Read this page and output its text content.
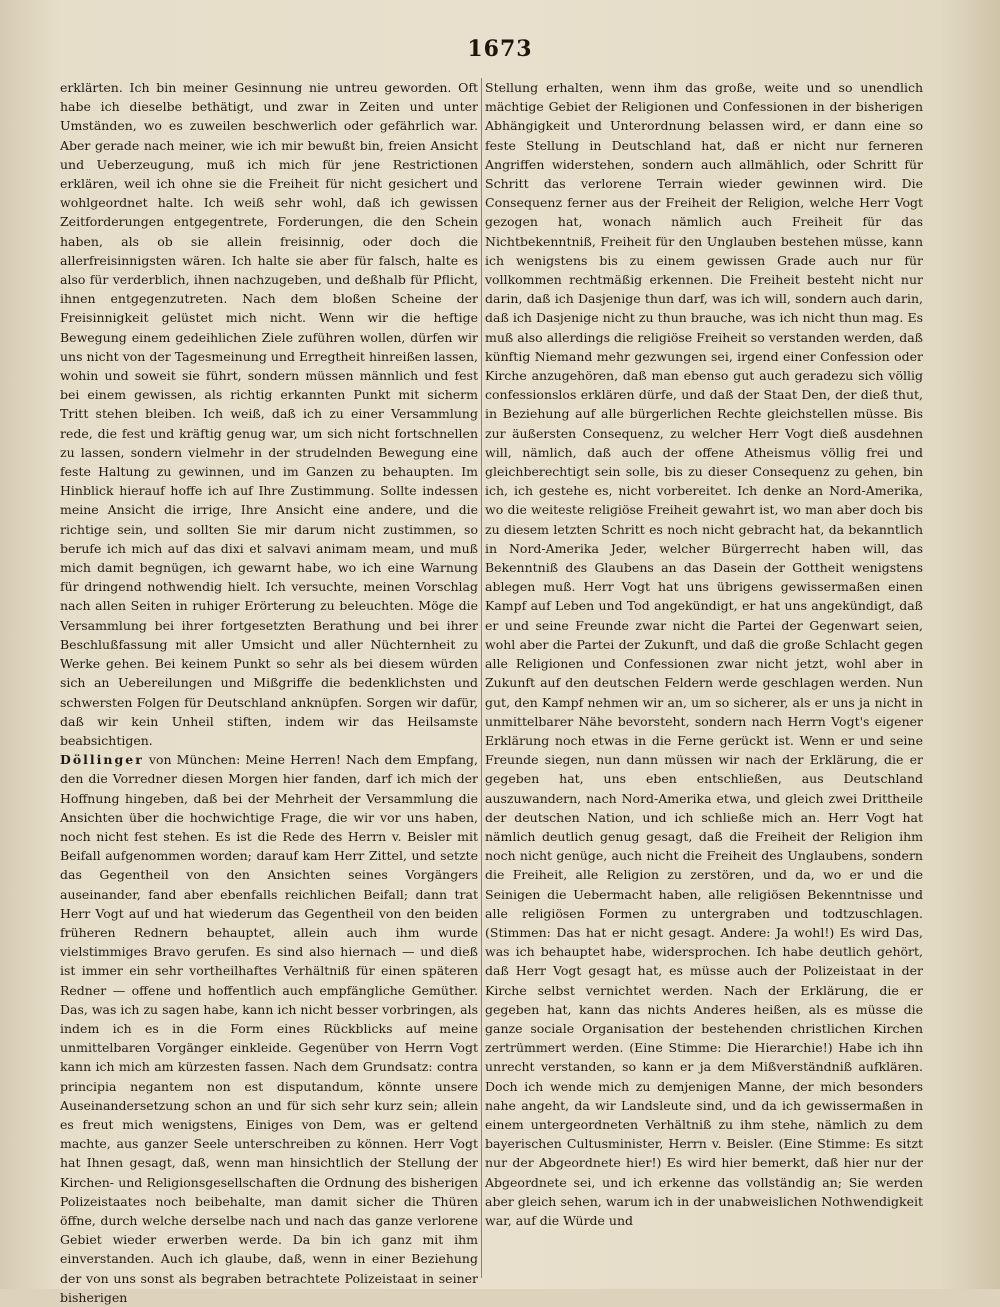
1673

erklärten. Ich bin meiner Gesinnung nie untreu geworden. Oft habe ich dieselbe bethätigt, und zwar in Zeiten und unter Umständen, wo es zuweilen beschwerlich oder gefährlich war. Aber gerade nach meiner, wie ich mir bewußt bin, freien Ansicht und Ueberzeugung, muß ich mich für jene Restrictionen erklären, weil ich ohne sie die Freiheit für nicht gesichert und wohlgeordnet halte. Ich weiß sehr wohl, daß ich gewissen Zeitforderungen entgegentrete, Forderungen, die den Schein haben, als ob sie allein freisinnig, oder doch die allerfreisinnigsten wären. Ich halte sie aber für falsch, halte es also für verderblich, ihnen nachzugeben, und deßhalb für Pflicht, ihnen entgegenzutreten. Nach dem bloßen Scheine der Freisinnigkeit gelüstet mich nicht. Wenn wir die heftige Bewegung einem gedeihlichen Ziele zuführen wollen, dürfen wir uns nicht von der Tagesmeinung und Erregtheit hinreißen lassen, wohin und soweit sie führt, sondern müssen männlich und fest bei einem gewissen, als richtig erkannten Punkt mit sicherm Tritt stehen bleiben. Ich weiß, daß ich zu einer Versammlung rede, die fest und kräftig genug war, um sich nicht fortschnellen zu lassen, sondern vielmehr in der strudelnden Bewegung eine feste Haltung zu gewinnen, und im Ganzen zu behaupten. Im Hinblick hierauf hoffe ich auf Ihre Zustimmung. Sollte indessen meine Ansicht die irrige, Ihre Ansicht eine andere, und die richtige sein, und sollten Sie mir darum nicht zustimmen, so berufe ich mich auf das dixi et salvavi animam meam, und muß mich damit begnügen, ich gewarnt habe, wo ich eine Warnung für dringend nothwendig hielt. Ich versuchte, meinen Vorschlag nach allen Seiten in ruhiger Erörterung zu beleuchten. Möge die Versammlung bei ihrer fortgesetzten Berathung und bei ihrer Beschlußfassung mit aller Umsicht und aller Nüchternheit zu Werke gehen. Bei keinem Punkt so sehr als bei diesem würden sich an Uebereilungen und Mißgriffe die bedenklichsten und schwersten Folgen für Deutschland anknüpfen. Sorgen wir dafür, daß wir kein Unheil stiften, indem wir das Heilsamste beabsichtigen.

Döllinger von München: Meine Herren! Nach dem Empfang, den die Vorredner diesen Morgen hier fanden, darf ich mich der Hoffnung hingeben, daß bei der Mehrheit der Versammlung die Ansichten über die hochwichtige Frage, die wir vor uns haben, noch nicht fest stehen. Es ist die Rede des Herrn v. Beisler mit Beifall aufgenommen worden; darauf kam Herr Zittel, und setzte das Gegentheil von den Ansichten seines Vorgängers auseinander, fand aber ebenfalls reichlichen Beifall; dann trat Herr Vogt auf und hat wiederum das Gegentheil von den beiden früheren Rednern behauptet, allein auch ihm wurde vielstimmiges Bravo gerufen. Es sind also hiernach — und dieß ist immer ein sehr vortheilhaftes Verhältniß für einen späteren Redner — offene und hoffentlich auch empfängliche Gemüther. Das, was ich zu sagen habe, kann ich nicht besser vorbringen, als indem ich es in die Form eines Rückblicks auf meine unmittelbaren Vorgänger einkleide. Gegenüber von Herrn Vogt kann ich mich am kürzesten fassen. Nach dem Grundsatz: contra principia negantem non est disputandum, könnte unsere Auseinandersetzung schon an und für sich sehr kurz sein; allein es freut mich wenigstens, Einiges von Dem, was er geltend machte, aus ganzer Seele unterschreiben zu können. Herr Vogt hat Ihnen gesagt, daß, wenn man hinsichtlich der Stellung der Kirchen- und Religionsgesellschaften die Ordnung des bisherigen Polizeistaates noch beibehalte, man damit sicher die Thüren öffne, durch welche derselbe nach und nach das ganze verlorene Gebiet wieder erwerben werde. Da bin ich ganz mit ihm einverstanden. Auch ich glaube, daß, wenn in einer Beziehung der von uns sonst als begraben betrachtete Polizeistaat in seiner bisherigen

Stellung erhalten, wenn ihm das große, weite und so unendlich mächtige Gebiet der Religionen und Confessionen in der bisherigen Abhängigkeit und Unterordnung belassen wird, er dann eine so feste Stellung in Deutschland hat, daß er nicht nur ferneren Angriffen widerstehen, sondern auch allmählich, oder Schritt für Schritt das verlorene Terrain wieder gewinnen wird. Die Consequenz ferner aus der Freiheit der Religion, welche Herr Vogt gezogen hat, wonach nämlich auch Freiheit für das Nichtbekenntniß, Freiheit für den Unglauben bestehen müsse, kann ich wenigstens bis zu einem gewissen Grade auch nur für vollkommen rechtmäßig erkennen. Die Freiheit besteht nicht nur darin, daß ich Dasjenige thun darf, was ich will, sondern auch darin, daß ich Dasjenige nicht zu thun brauche, was ich nicht thun mag. Es muß also allerdings die religiöse Freiheit so verstanden werden, daß künftig Niemand mehr gezwungen sei, irgend einer Confession oder Kirche anzugehören, daß man ebenso gut auch geradezu sich völlig confessionslos erklären dürfe, und daß der Staat Den, der dieß thut, in Beziehung auf alle bürgerlichen Rechte gleichstellen müsse. Bis zur äußersten Consequenz, zu welcher Herr Vogt dieß ausdehnen will, nämlich, daß auch der offene Atheismus völlig frei und gleichberechtigt sein solle, bis zu dieser Consequenz zu gehen, bin ich, ich gestehe es, nicht vorbereitet. Ich denke an Nord-Amerika, wo die weiteste religiöse Freiheit gewahrt ist, wo man aber doch bis zu diesem letzten Schritt es noch nicht gebracht hat, da bekanntlich in Nord-Amerika Jeder, welcher Bürgerrecht haben will, das Bekenntniß des Glaubens an das Dasein der Gottheit wenigstens ablegen muß. Herr Vogt hat uns übrigens gewissermaßen einen Kampf auf Leben und Tod angekündigt, er hat uns angekündigt, daß er und seine Freunde zwar nicht die Partei der Gegenwart seien, wohl aber die Partei der Zukunft, und daß die große Schlacht gegen alle Religionen und Confessionen zwar nicht jetzt, wohl aber in Zukunft auf den deutschen Feldern werde geschlagen werden. Nun gut, den Kampf nehmen wir an, um so sicherer, als er uns ja nicht in unmittelbarer Nähe bevorsteht, sondern nach Herrn Vogt's eigener Erklärung noch etwas in die Ferne gerückt ist. Wenn er und seine Freunde siegen, nun dann müssen wir nach der Erklärung, die er gegeben hat, uns eben entschließen, aus Deutschland auszuwandern, nach Nord-Amerika etwa, und gleich zwei Drittheile der deutschen Nation, und ich schließe mich an. Herr Vogt hat nämlich deutlich genug gesagt, daß die Freiheit der Religion ihm noch nicht genüge, auch nicht die Freiheit des Unglaubens, sondern die Freiheit, alle Religion zu zerstören, und da, wo er und die Seinigen die Uebermacht haben, alle religiösen Bekenntnisse und alle religiösen Formen zu untergraben und todtzuschlagen. (Stimmen: Das hat er nicht gesagt. Andere: Ja wohl!) Es wird Das, was ich behauptet habe, widersprochen. Ich habe deutlich gehört, daß Herr Vogt gesagt hat, es müsse auch der Polizeistaat in der Kirche selbst vernichtet werden. Nach der Erklärung, die er gegeben hat, kann das nichts Anderes heißen, als es müsse die ganze sociale Organisation der bestehenden christlichen Kirchen zertrümmert werden. (Eine Stimme: Die Hierarchie!) Habe ich ihn unrecht verstanden, so kann er ja dem Mißverständniß aufklären. Doch ich wende mich zu demjenigen Manne, der mich besonders nahe angeht, da wir Landsleute sind, und da ich gewissermaßen in einem untergeordneten Verhältniß zu ihm stehe, nämlich zu dem bayerischen Cultusminister, Herrn v. Beisler. (Eine Stimme: Es sitzt nur der Abgeordnete hier!) Es wird hier bemerkt, daß hier nur der Abgeordnete sei, und ich erkenne das vollständig an; Sie werden aber gleich sehen, warum ich in der unabweislichen Nothwendigkeit war, auf die Würde und
